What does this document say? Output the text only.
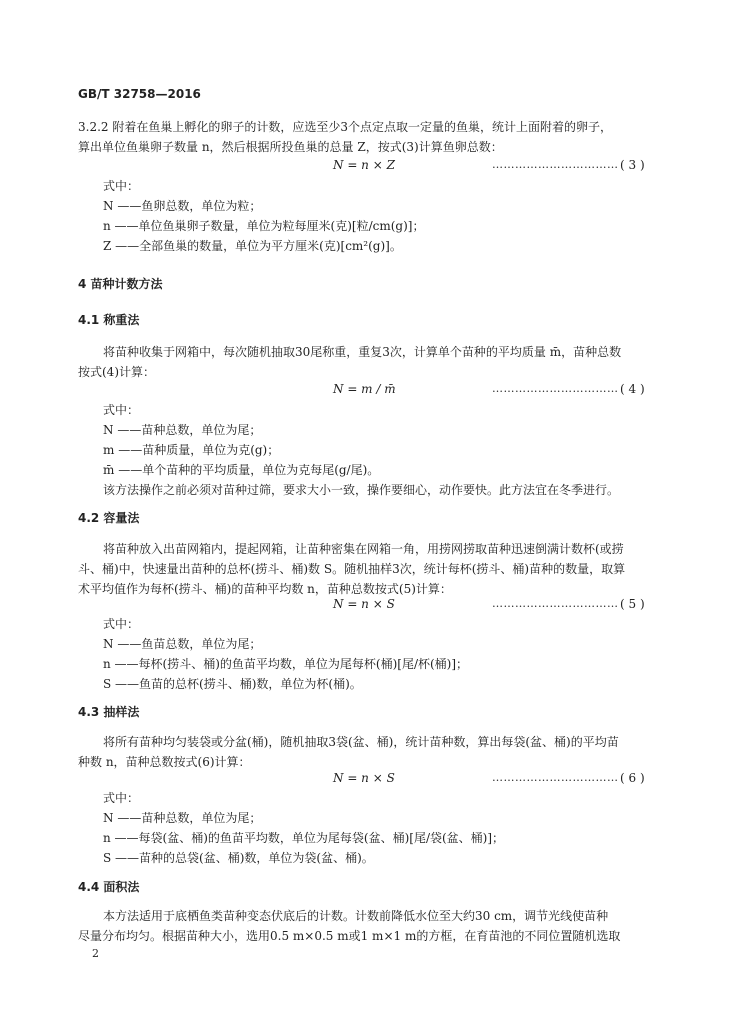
GB/T 32758—2016
3.2.2 附着在鱼巢上孵化的卵子的计数，应选至少3个点定点取一定量的鱼巢，统计上面附着的卵子，
算出单位鱼巢卵子数量 n，然后根据所投鱼巢的总量 Z，按式(3)计算鱼卵总数：
N = n × Z	…………………………… ( 3 )
式中：
N ——鱼卵总数，单位为粒；
n ——单位鱼巢卵子数量，单位为粒每厘米(克)[粒/cm(g)]；
Z ——全部鱼巢的数量，单位为平方厘米(克)[cm²(g)]。
4 苗种计数方法
4.1 称重法
将苗种收集于网箱中，每次随机抽取30尾称重，重复3次，计算单个苗种的平均质量 m̄，苗种总数
按式(4)计算：
N = m / m̄	…………………………… ( 4 )
式中：
N ——苗种总数，单位为尾；
m ——苗种质量，单位为克(g)；
m̄ ——单个苗种的平均质量，单位为克每尾(g/尾)。
该方法操作之前必须对苗种过筛，要求大小一致，操作要细心，动作要快。此方法宜在冬季进行。
4.2 容量法
将苗种放入出苗网箱内，提起网箱，让苗种密集在网箱一角，用捞网捞取苗种迅速倒满计数杯(或捞
斗、桶)中，快速量出苗种的总杯(捞斗、桶)数 S。随机抽样3次，统计每杯(捞斗、桶)苗种的数量，取算
术平均值作为每杯(捞斗、桶)的苗种平均数 n，苗种总数按式(5)计算：
N = n × S	…………………………… ( 5 )
式中：
N ——鱼苗总数，单位为尾；
n ——每杯(捞斗、桶)的鱼苗平均数，单位为尾每杯(桶)[尾/杯(桶)]；
S ——鱼苗的总杯(捞斗、桶)数，单位为杯(桶)。
4.3 抽样法
将所有苗种均匀装袋或分盆(桶)，随机抽取3袋(盆、桶)，统计苗种数，算出每袋(盆、桶)的平均苗
种数 n，苗种总数按式(6)计算：
N = n × S	…………………………… ( 6 )
式中：
N ——苗种总数，单位为尾；
n ——每袋(盆、桶)的鱼苗平均数，单位为尾每袋(盆、桶)[尾/袋(盆、桶)]；
S ——苗种的总袋(盆、桶)数，单位为袋(盆、桶)。
4.4 面积法
本方法适用于底栖鱼类苗种变态伏底后的计数。计数前降低水位至大约30 cm，调节光线使苗种
尽量分布均匀。根据苗种大小，选用0.5 m×0.5 m或1 m×1 m的方框，在育苗池的不同位置随机选取
2
